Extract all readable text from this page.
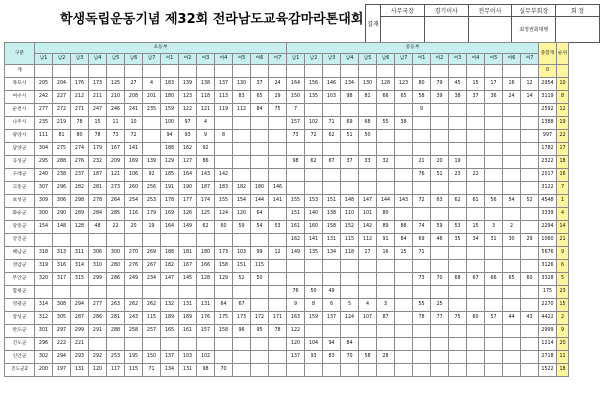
학생독립운동기념 제32회 전라남도교육감마라톤대회 결재	사무국장	경기이사	전무이사	실무부회장	회 장
				최정권회대행	
구분	초등부														중등부														종합계	순위
	남1	남2	남3	남4	남5	남6	남7	여1	여2	여3	여4	여5	여6	여7	남1	남2	남3	남4	남5	남6	남7	여1	여2	여3	여4	여5	여6	여7		
계																													0	
목포시	205	204	176	173	125	27	4	183	139	138	137	130	37	24	164	156	146	134	130	128	123	80	79	45	15	17	16	12	2954	10
여수시	242	227	212	211	210	208	201	180	123	118	113	83	65	29	150	135	103	98	81	66	65	58	39	38	37	36	24	14	3119	8
순천시	277	272	271	247	246	241	235	159	122	121	119	112	84	75	7							9							2592	12
나주시	235	219	78	15	11	10		100	97	4					157	102	71	69	68	55	38								1388	19
광양시	111	81	80	78	73	72		94	93	9	8				73	72	62	51	50										997	22
담양군	304	275	274	179	167	141		188	162	92																			1782	17
곡성군	295	288	276	232	209	169	139	129	127	86					98	62	67	37	33	32		21	20	19					2322	18
구례군	240	238	237	187	121	106	92	185	164	143	142											76	51	23	22				2017	16
고흥군	307	296	282	281	273	260	256	191	190	187	183	182	180	146															3122	7
보성군	309	306	298	278	264	254	253	178	177	174	155	154	144	141	155	153	151	148	147	144	143	72	63	62	61	56	54	52	4548	1
화순군	300	290	289	284	285	116	179	169	126	125	124	120	64		151	140	138	110	101	80									3339	4
장흥군	154	148	128	48	22	20	19	164	149	62	60	59	54	53	161	160	158	152	142	89	88	74	59	53	15	3	2		2294	14
강진군															162	141	131	115	112	91	84	69	46	35	34	31	30	29	1060	21
해남군	318	313	311	306	300	270	269	188	181	180	173	103	99	12	149	135	134	118	27	16	15	71							5676	9
영암군	319	316	314	310	280	276	267	182	167	166	158	151	115																3126	6
무안군	320	317	315	299	286	249	234	147	145	128	129	52	50									73	70	68	67	66	65	60	3328	5
함평군															76	50	49												175	23
영광군	314	308	294	277	263	262	262	132	131	131	64	67			9	8	6	5	4	3		55	25						2270	15
장성군	312	305	287	286	281	243	115	189	189	176	175	173	172	171	163	159	137	124	107	87		78	77	75	60	57	44	43	4422	2
완도군	301	297	299	291	288	258	257	165	161	157	158	96	95	78	122														2999	9
진도군	296	222	221												120	104	94	84											1214	20
신안군	302	294	293	292	253	195	150	137	103	102					137	93	83	70	58	28									2718	11
진도군2	200	197	131	120	117	115	71	134	131	98	70																		1522	18
